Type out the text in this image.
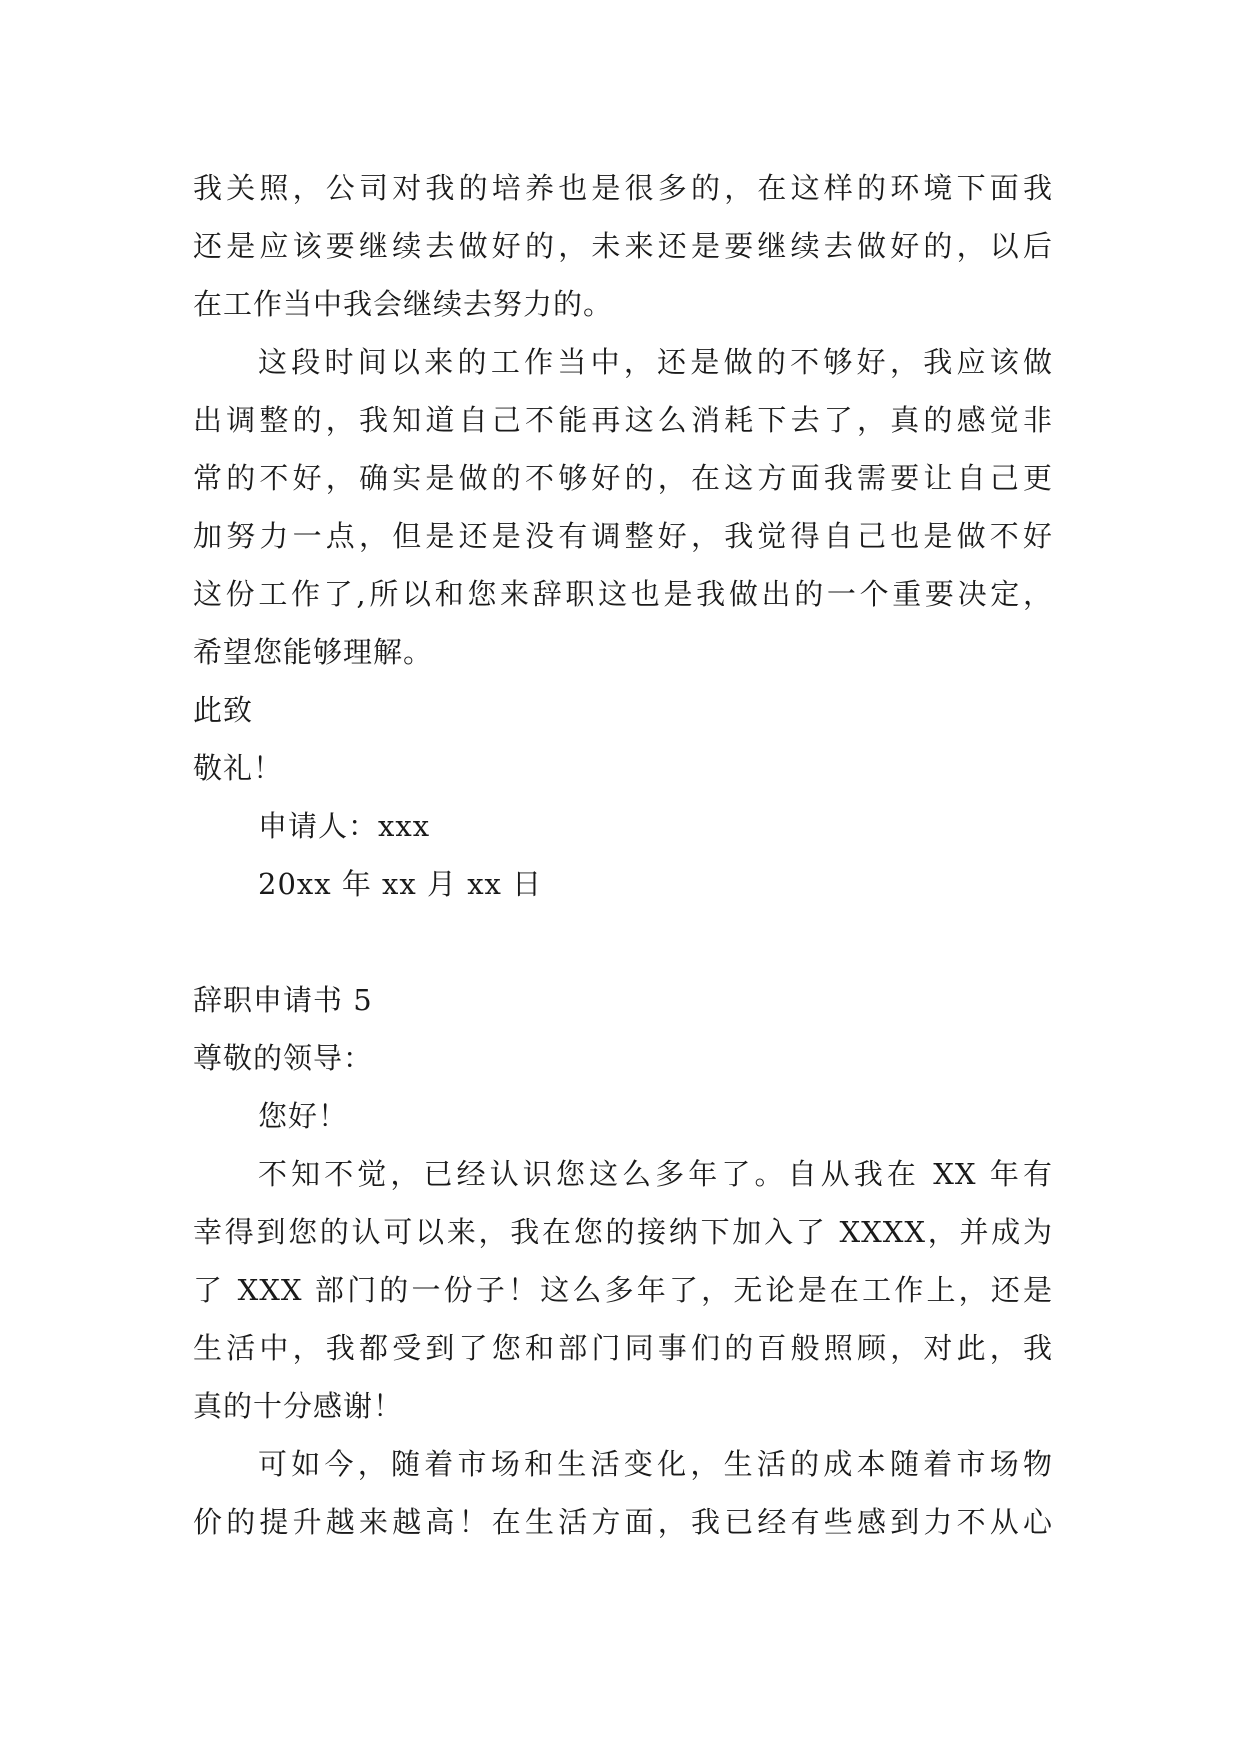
我关照，公司对我的培养也是很多的，在这样的环境下面我
还是应该要继续去做好的，未来还是要继续去做好的，以后
在工作当中我会继续去努力的。
这段时间以来的工作当中，还是做的不够好，我应该做
出调整的，我知道自己不能再这么消耗下去了，真的感觉非
常的不好，确实是做的不够好的，在这方面我需要让自己更
加努力一点，但是还是没有调整好，我觉得自己也是做不好
这份工作了,所以和您来辞职这也是我做出的一个重要决定，
希望您能够理解。
此致
敬礼！
申请人：xxx
20xx 年 xx 月 xx 日
辞职申请书 5
尊敬的领导：
您好！
不知不觉，已经认识您这么多年了。自从我在 XX 年有
幸得到您的认可以来，我在您的接纳下加入了 XXXX，并成为
了 XXX 部门的一份子！这么多年了，无论是在工作上，还是
生活中，我都受到了您和部门同事们的百般照顾，对此，我
真的十分感谢！
可如今，随着市场和生活变化，生活的成本随着市场物
价的提升越来越高！在生活方面，我已经有些感到力不从心
